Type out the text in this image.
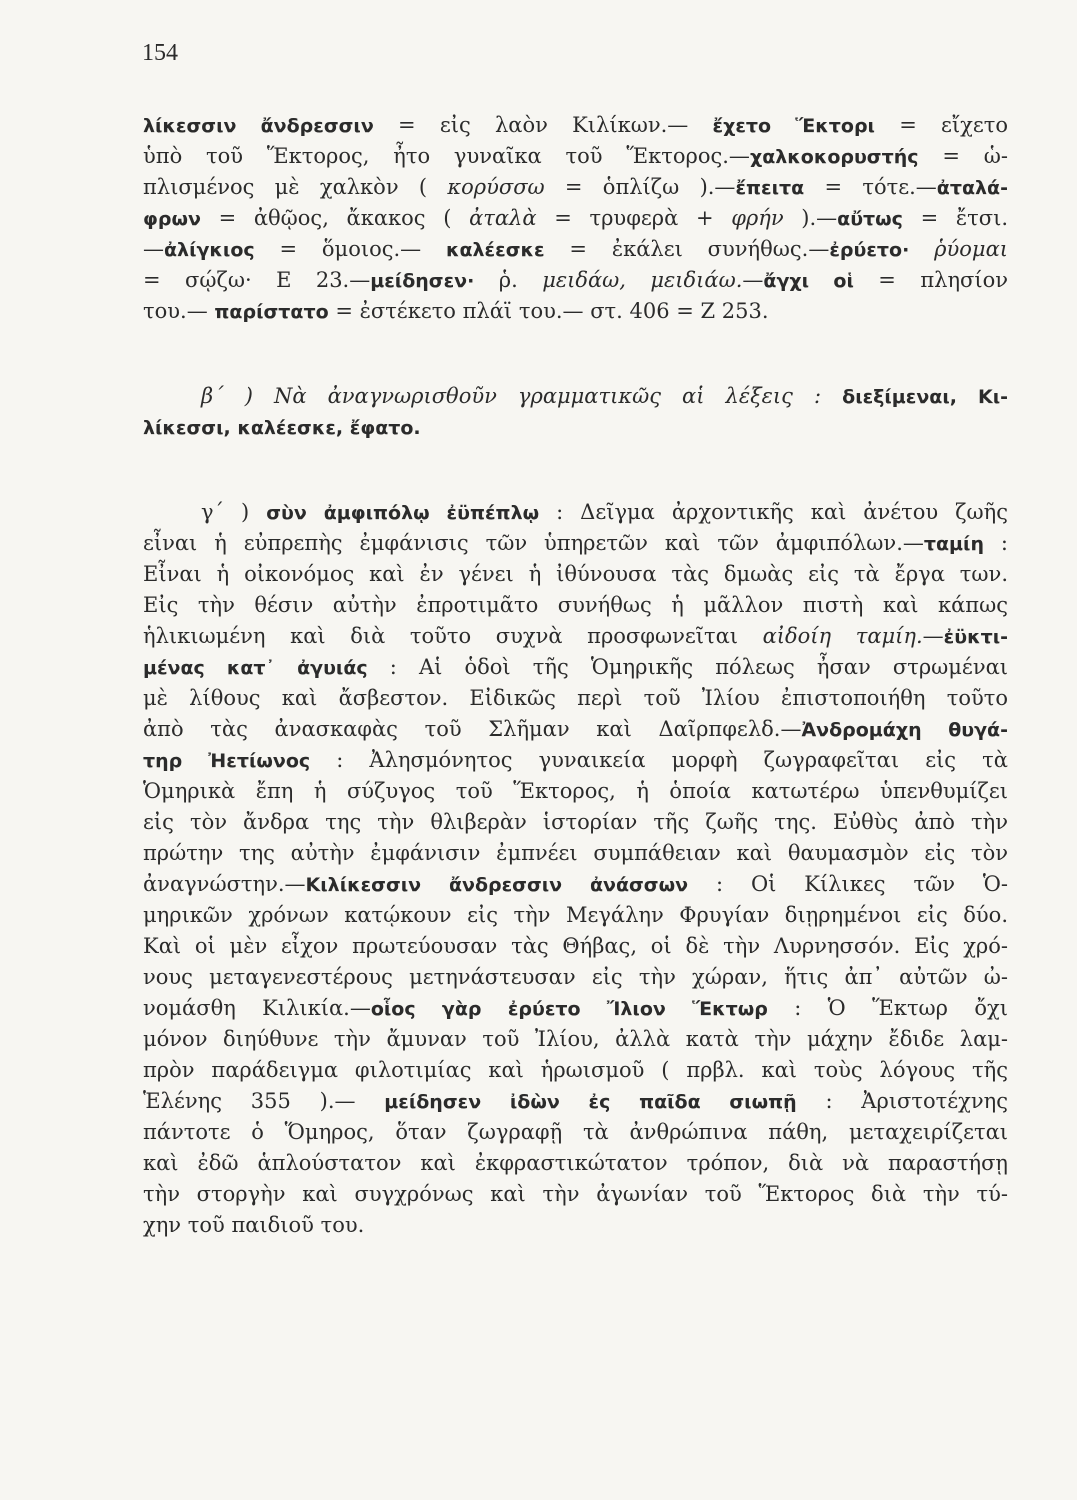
154
λίκεσσιν ἄνδρεσσιν = εἰς λαὸν Κιλίκων.— ἔχετο Ἕκτορι = εἴχετο
ὑπὸ τοῦ Ἕκτορος, ἦτο γυναῖκα τοῦ Ἕκτορος.—χαλκοκορυστής = ὡ-
πλισμένος μὲ χαλκὸν ( κορύσσω = ὁπλίζω ).—ἔπειτα = τότε.—ἀταλά-
φρων = ἀθῷος, ἄκακος ( ἀταλὰ = τρυφερὰ + φρήν ).—αὔτως = ἔτσι.
—ἀλίγκιος = ὅμοιος.— καλέεσκε = ἐκάλει συνήθως.—ἐρύετο· ῥύομαι
= σῴζω· Ε 23.—μείδησεν· ῥ. μειδάω, μειδιάω.—ἄγχι οἱ = πλησίον
του.— παρίστατο = ἐστέκετο πλάϊ του.— στ. 406 = Ζ 253.
β΄ ) Νὰ ἀναγνωρισθοῦν γραμματικῶς αἱ λέξεις : διεξίμεναι, Κι-
λίκεσσι, καλέεσκε, ἔφατο.
γ΄ ) σὺν ἀμφιπόλῳ ἐϋπέπλῳ : Δεῖγμα ἀρχοντικῆς καὶ ἀνέτου ζωῆς
εἶναι ἡ εὐπρεπὴς ἐμφάνισις τῶν ὑπηρετῶν καὶ τῶν ἀμφιπόλων.—ταμίη :
Εἶναι ἡ οἰκονόμος καὶ ἐν γένει ἡ ἰθύνουσα τὰς δμωὰς εἰς τὰ ἔργα των.
Εἰς τὴν θέσιν αὐτὴν ἐπροτιμᾶτο συνήθως ἡ μᾶλλον πιστὴ καὶ κάπως
ἡλικιωμένη καὶ διὰ τοῦτο συχνὰ προσφωνεῖται αἰδοίη ταμίη.—ἐϋκτι-
μένας κατ᾽ ἀγυιάς : Αἱ ὁδοὶ τῆς Ὁμηρικῆς πόλεως ἦσαν στρωμέναι
μὲ λίθους καὶ ἄσβεστον. Εἰδικῶς περὶ τοῦ Ἰλίου ἐπιστοποιήθη τοῦτο
ἀπὸ τὰς ἀνασκαφὰς τοῦ Σλῆμαν καὶ Δαῖρπφελδ.—Ἀνδρομάχη θυγά-
τηρ Ἠετίωνος : Ἀλησμόνητος γυναικεία μορφὴ ζωγραφεῖται εἰς τὰ
Ὁμηρικὰ ἔπη ἡ σύζυγος τοῦ Ἕκτορος, ἡ ὁποία κατωτέρω ὑπενθυμίζει
εἰς τὸν ἄνδρα της τὴν θλιβερὰν ἱστορίαν τῆς ζωῆς της. Εὐθὺς ἀπὸ τὴν
πρώτην της αὐτὴν ἐμφάνισιν ἐμπνέει συμπάθειαν καὶ θαυμασμὸν εἰς τὸν
ἀναγνώστην.—Κιλίκεσσιν ἄνδρεσσιν ἀνάσσων : Οἱ Κίλικες τῶν Ὁ-
μηρικῶν χρόνων κατῴκουν εἰς τὴν Μεγάλην Φρυγίαν διῃρημένοι εἰς δύο.
Καὶ οἱ μὲν εἶχον πρωτεύουσαν τὰς Θήβας, οἱ δὲ τὴν Λυρνησσόν. Εἰς χρό-
νους μεταγενεστέρους μετηνάστευσαν εἰς τὴν χώραν, ἥτις ἀπ᾽ αὐτῶν ὠ-
νομάσθη Κιλικία.—οἷος γὰρ ἐρύετο Ἴλιον Ἕκτωρ : Ὁ Ἕκτωρ ὄχι
μόνον διηύθυνε τὴν ἄμυναν τοῦ Ἰλίου, ἀλλὰ κατὰ τὴν μάχην ἔδιδε λαμ-
πρὸν παράδειγμα φιλοτιμίας καὶ ἡρωισμοῦ ( πρβλ. καὶ τοὺς λόγους τῆς
Ἑλένης 355 ).— μείδησεν ἰδὼν ἐς παῖδα σιωπῇ : Ἀριστοτέχνης
πάντοτε ὁ Ὅμηρος, ὅταν ζωγραφῇ τὰ ἀνθρώπινα πάθη, μεταχειρίζεται
καὶ ἐδῶ ἁπλούστατον καὶ ἐκφραστικώτατον τρόπον, διὰ νὰ παραστήσῃ
τὴν στοργὴν καὶ συγχρόνως καὶ τὴν ἀγωνίαν τοῦ Ἕκτορος διὰ τὴν τύ-
χην τοῦ παιδιοῦ του.
